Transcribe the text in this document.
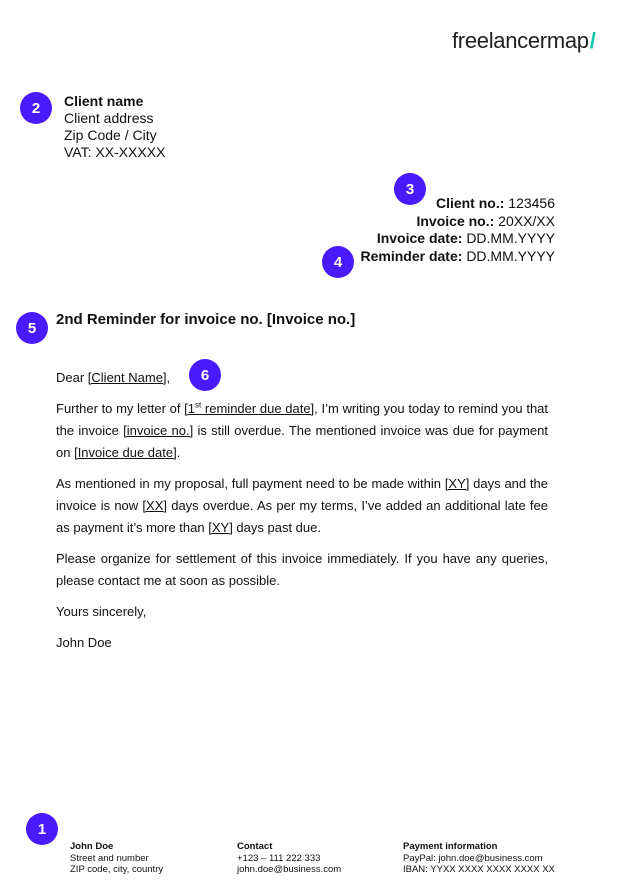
freelancermap/
2
3
4
5
6
1
Client name
Client address
Zip Code / City
VAT: XX-XXXXX
Client no.: 123456
Invoice no.: 20XX/XX
Invoice date: DD.MM.YYYY
Reminder date: DD.MM.YYYY
2nd Reminder for invoice no. [Invoice no.]

Dear [Client Name],

Further to my letter of [1st reminder due date], I’m writing you today to remind you that the invoice [invoice no.] is still overdue. The mentioned invoice was due for payment on [Invoice due date].

As mentioned in my proposal, full payment need to be made within [XY] days and the invoice is now [XX] days overdue. As per my terms, I’ve added an additional late fee as payment it’s more than [XY] days past due.

Please organize for settlement of this invoice immediately. If you have any queries, please contact me at soon as possible.

Yours sincerely,

John Doe

John Doe
Street and number
ZIP code, city, country
Contact
+123 – 111 222 333
john.doe@business.com
Payment information
PayPal: john.doe@business.com
IBAN: YYXX XXXX XXXX XXXX XX
